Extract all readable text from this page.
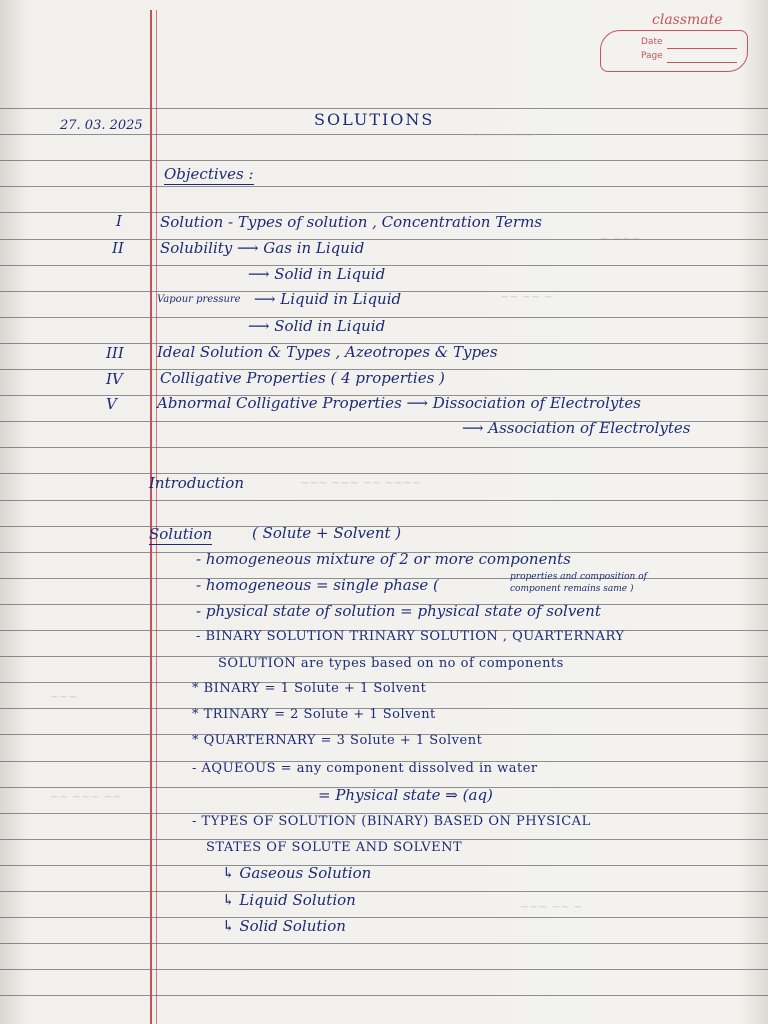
classmate
Date
Page
~~~ ~ ~~
~ ~~~
~~ ~~ ~
~~~ ~~~ ~~ ~~~~
~~~
~~ ~~~ ~~
~~~ ~~ ~
27. 03. 2025	SOLUTIONS
Objectives :
I	Solution - Types of solution , Concentration Terms
II Solubility ⟶ Gas in Liquid
⟶ Solid in Liquid
Vapour pressure ⟶ Liquid in Liquid
⟶ Solid in Liquid
III Ideal Solution & Types , Azeotropes & Types
IV Colligative Properties ( 4 properties )
V	Abnormal Colligative Properties ⟶ Dissociation of Electrolytes
⟶ Association of Electrolytes
Introduction
Solution	( Solute + Solvent )
- homogeneous mixture of 2 or more components
- homogeneous = single phase (	properties and composition of
component remains same )
- physical state of solution = physical state of solvent
- BINARY SOLUTION TRINARY SOLUTION , QUARTERNARY
SOLUTION are types based on no of components
* BINARY = 1 Solute + 1 Solvent
* TRINARY = 2 Solute + 1 Solvent
* QUARTERNARY = 3 Solute + 1 Solvent
- AQUEOUS = any component dissolved in water
= Physical state ⇒ (aq)
- TYPES OF SOLUTION (BINARY) BASED ON PHYSICAL
STATES OF SOLUTE AND SOLVENT
↳ Gaseous Solution
↳ Liquid Solution
↳ Solid Solution
